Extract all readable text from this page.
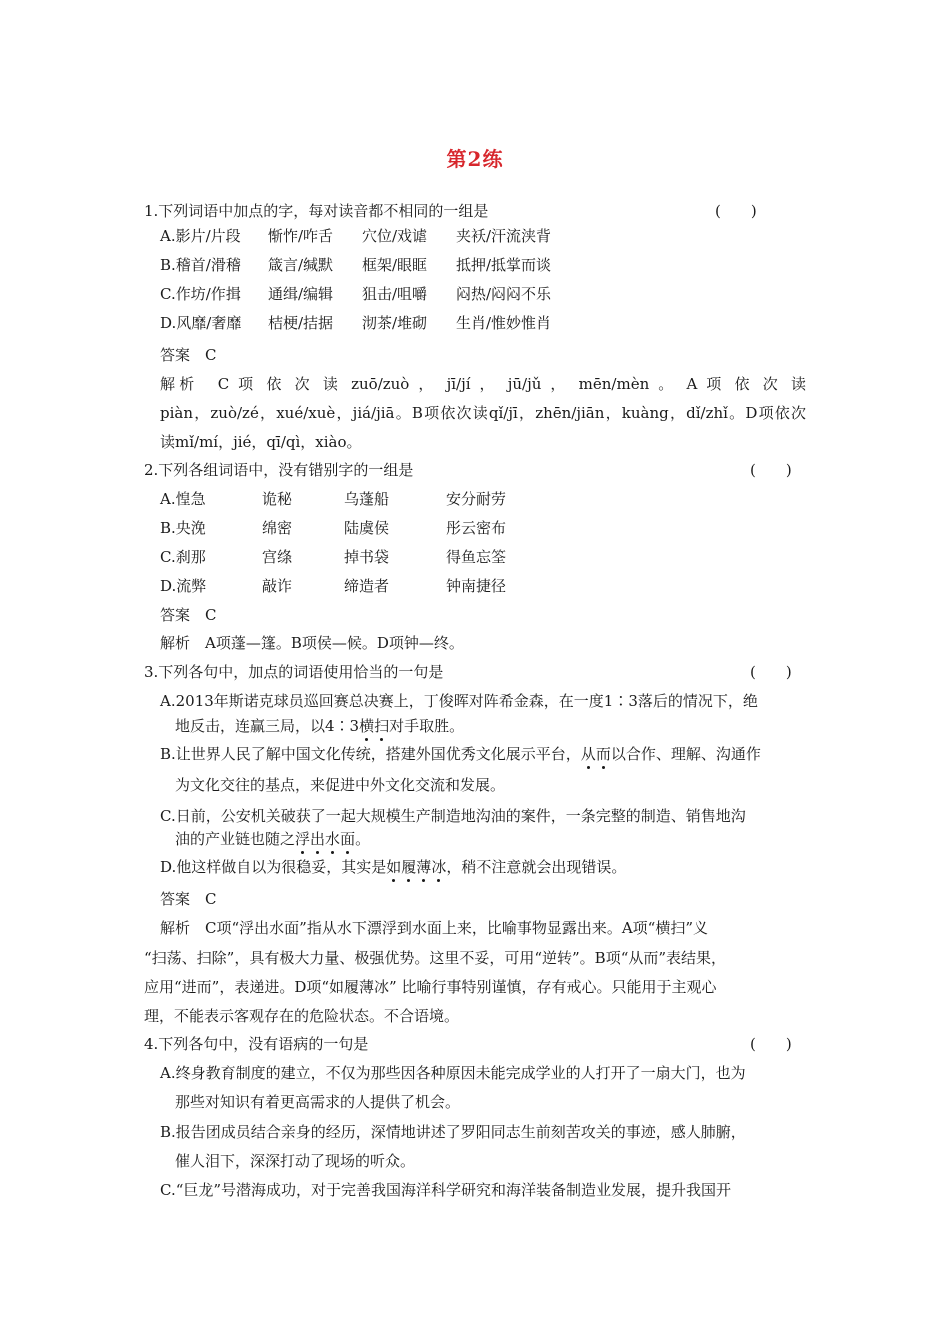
第2练
1.下列词语中加点的字，每对读音都不相同的一组是	(　　)
A.影片/片段 惭怍/咋舌 穴位/戏谑 夹袄/汗流浃背
B.稽首/滑稽 箴言/缄默 框架/眼眶 抵押/抵掌而谈
C.作坊/作揖 通缉/编辑 狙击/咀嚼 闷热/闷闷不乐
D.风靡/奢靡 桔梗/拮据 沏茶/堆砌 生肖/惟妙惟肖
答案　C
解析　C 项 依 次 读 zuō/zuò ， jī/jí ， jū/jǔ ， mēn/mèn 。 A 项 依 次 读
piàn，zuò/zé，xué/xuè，jiá/jiā。B项依次读qǐ/jī，zhēn/jiān，kuàng，dǐ/zhǐ。D项依次
读mǐ/mí，jié，qī/qì，xiào。
2.下列各组词语中，没有错别字的一组是	(　　)
A.惶急	诡秘	乌蓬船	安分耐劳
B.央浼	绵密	陆虞侯	彤云密布
C.刹那	宫绦	掉书袋	得鱼忘筌
D.流弊	敲诈	缔造者	钟南捷径
答案　C
解析　A项蓬—篷。B项侯—候。D项钟—终。
3.下列各句中，加点的词语使用恰当的一句是	(　　)
A.2013年斯诺克球员巡回赛总决赛上，丁俊晖对阵希金森，在一度1∶3落后的情况下，绝
地反击，连赢三局，以4∶3横扫对手取胜。
B.让世界人民了解中国文化传统，搭建外国优秀文化展示平台，从而以合作、理解、沟通作
为文化交往的基点，来促进中外文化交流和发展。
C.日前，公安机关破获了一起大规模生产制造地沟油的案件，一条完整的制造、销售地沟
油的产业链也随之浮出水面。
D.他这样做自以为很稳妥，其实是如履薄冰，稍不注意就会出现错误。
答案　C
解析　C项“浮出水面”指从水下漂浮到水面上来，比喻事物显露出来。A项“横扫”义
“扫荡、扫除”，具有极大力量、极强优势。这里不妥，可用“逆转”。B项“从而”表结果，
应用“进而”，表递进。D项“如履薄冰” 比喻行事特别谨慎，存有戒心。只能用于主观心
理，不能表示客观存在的危险状态。不合语境。
4.下列各句中，没有语病的一句是	(　　)
A.终身教育制度的建立，不仅为那些因各种原因未能完成学业的人打开了一扇大门，也为
那些对知识有着更高需求的人提供了机会。
B.报告团成员结合亲身的经历，深情地讲述了罗阳同志生前刻苦攻关的事迹，感人肺腑，
催人泪下，深深打动了现场的听众。
C.“巨龙”号潜海成功，对于完善我国海洋科学研究和海洋装备制造业发展，提升我国开
